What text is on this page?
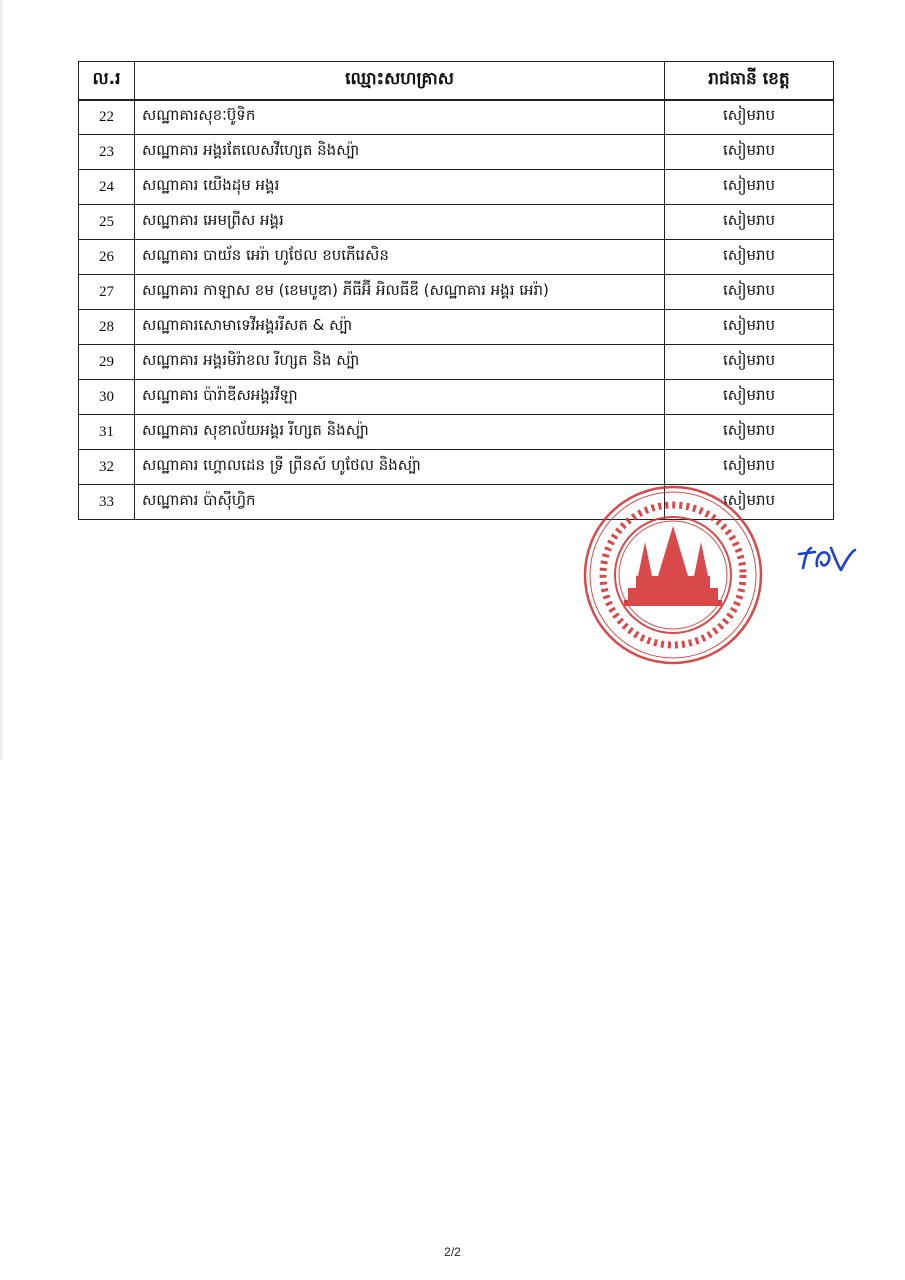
ល.រ	ឈ្មោះសហគ្រាស	រាជធានី ខេត្ត
22	សណ្ឋាគារសុខៈប៊ូទិក	សៀមរាប
23	សណ្ឋាគារ អង្គរតែលេសវីហ្សេត និងស្ប៉ា	សៀមរាប
24	សណ្ឋាគារ យើងដុម អង្គរ	សៀមរាប
25	សណ្ឋាគារ អេមព្រីស អង្គរ	សៀមរាប
26	សណ្ឋាគារ បាយ័ន អេរ៉ា ហូថែល ខបភើរេសិន	សៀមរាប
27	សណ្ឋាគារ កាឡាស ខម (ខេមបូឌា) ភីធីអ៊ី អិលធីឌី (សណ្ឋាគារ អង្គរ អេរ៉ា)	សៀមរាប
28	សណ្ឋាគារសោមាទេវីអង្គររីសត & ស្ប៉ា	សៀមរាប
29	សណ្ឋាគារ អង្គរមិរ៉ាខល រីហ្សត និង ស្ប៉ា	សៀមរាប
30	សណ្ឋាគារ ប៉ារ៉ាឌីសអង្គរវីឡា	សៀមរាប
31	សណ្ឋាគារ សុខាល័យអង្គរ រីហ្សត និងស្ប៉ា	សៀមរាប
32	សណ្ឋាគារ ហ្គោលដេន ទ្រី ព្រីនស៍ ហូថែល និងស្ប៉ា	សៀមរាប
33	សណ្ឋាគារ ប៉ាស៊ីហ្វិក	សៀមរាប
2/2
